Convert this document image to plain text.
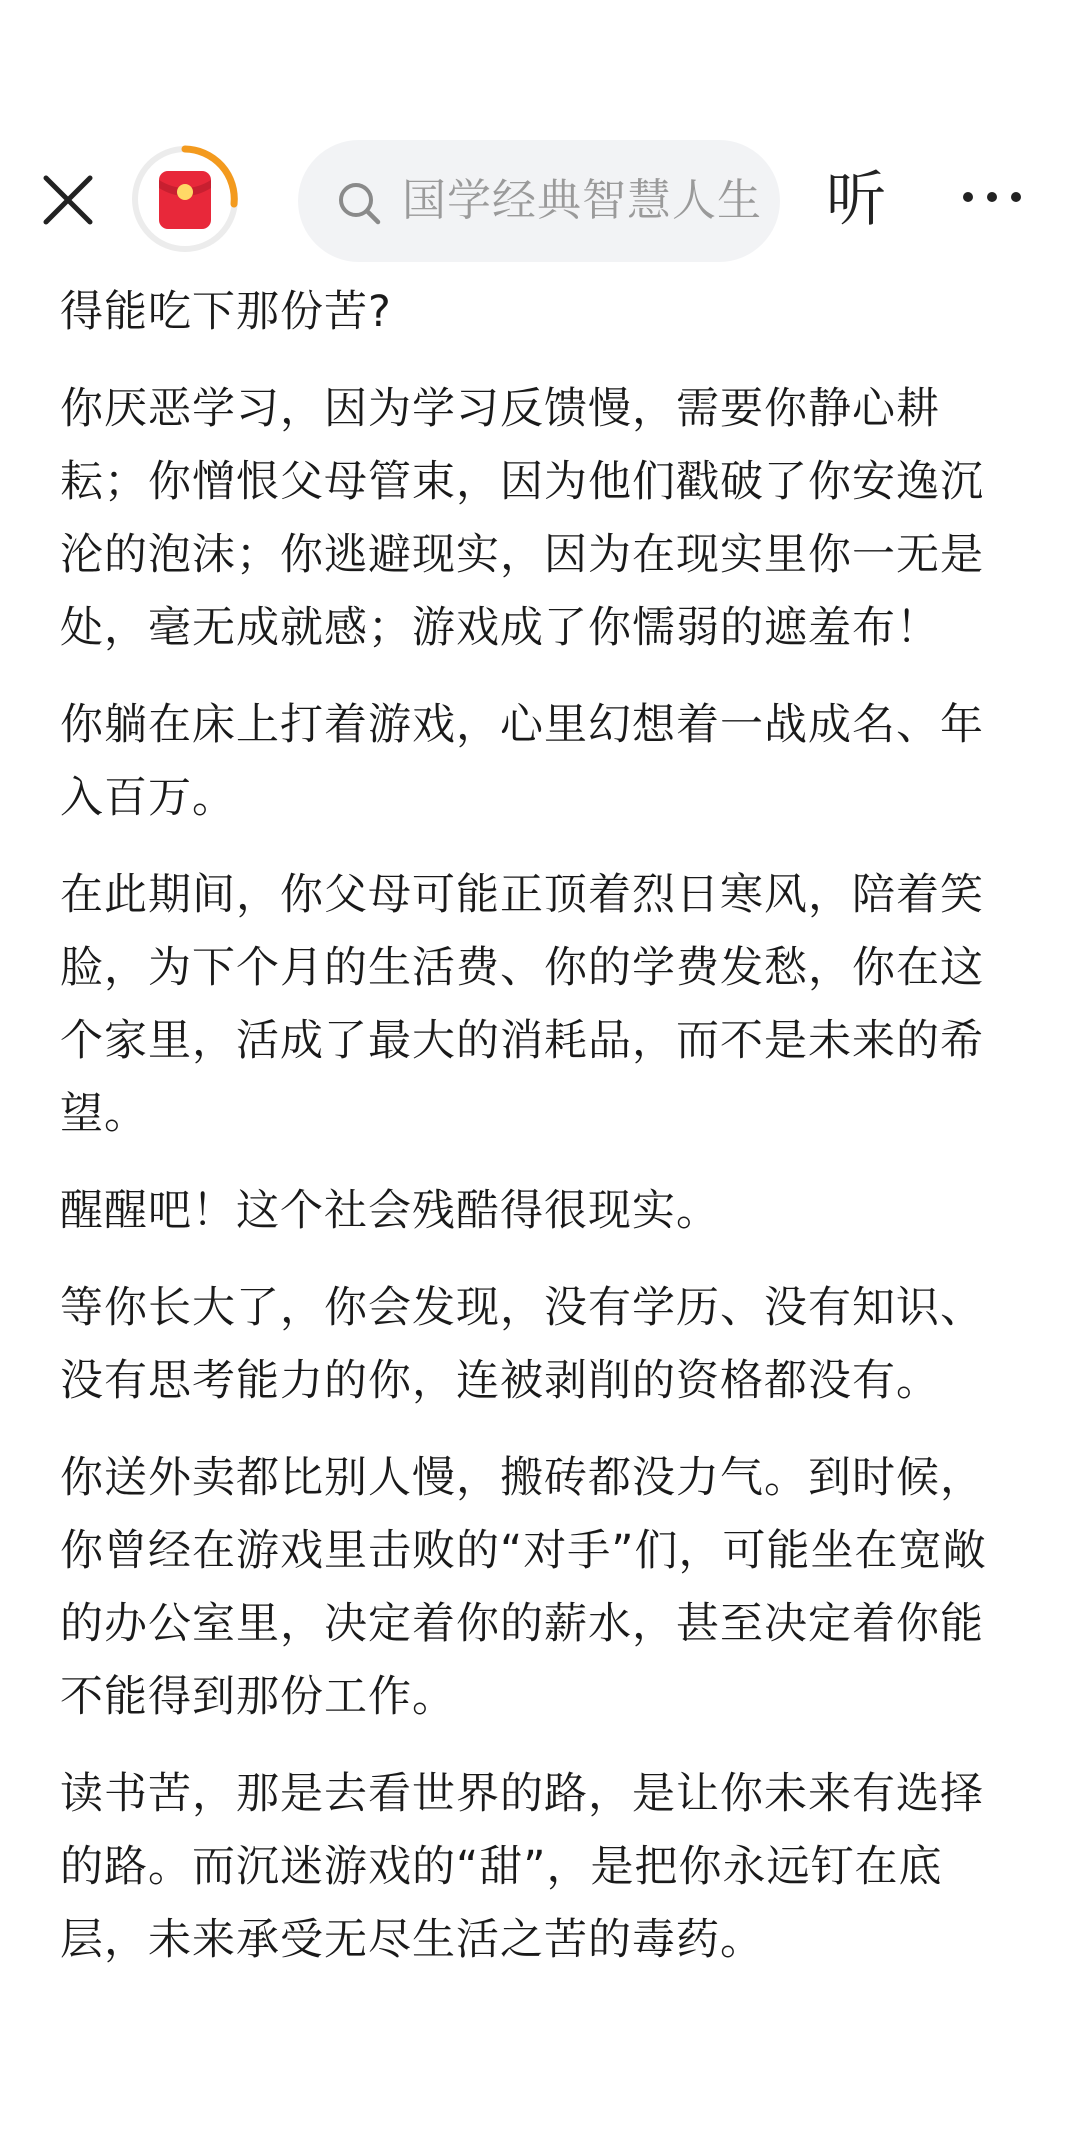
国学经典智慧人生 听

得能吃下那份苦?

你厌恶学习，因为学习反馈慢，需要你静心耕耘；你憎恨父母管束，因为他们戳破了你安逸沉沦的泡沫；你逃避现实，因为在现实里你一无是处，毫无成就感；游戏成了你懦弱的遮羞布！

你躺在床上打着游戏，心里幻想着一战成名、年入百万。

在此期间，你父母可能正顶着烈日寒风，陪着笑脸，为下个月的生活费、你的学费发愁，你在这个家里，活成了最大的消耗品，而不是未来的希望。

醒醒吧！这个社会残酷得很现实。

等你长大了，你会发现，没有学历、没有知识、没有思考能力的你，连被剥削的资格都没有。

你送外卖都比别人慢，搬砖都没力气。到时候，你曾经在游戏里击败的“对手”们，可能坐在宽敞的办公室里，决定着你的薪水，甚至决定着你能不能得到那份工作。

读书苦，那是去看世界的路，是让你未来有选择的路。而沉迷游戏的“甜”，是把你永远钉在底层，未来承受无尽生活之苦的毒药。
